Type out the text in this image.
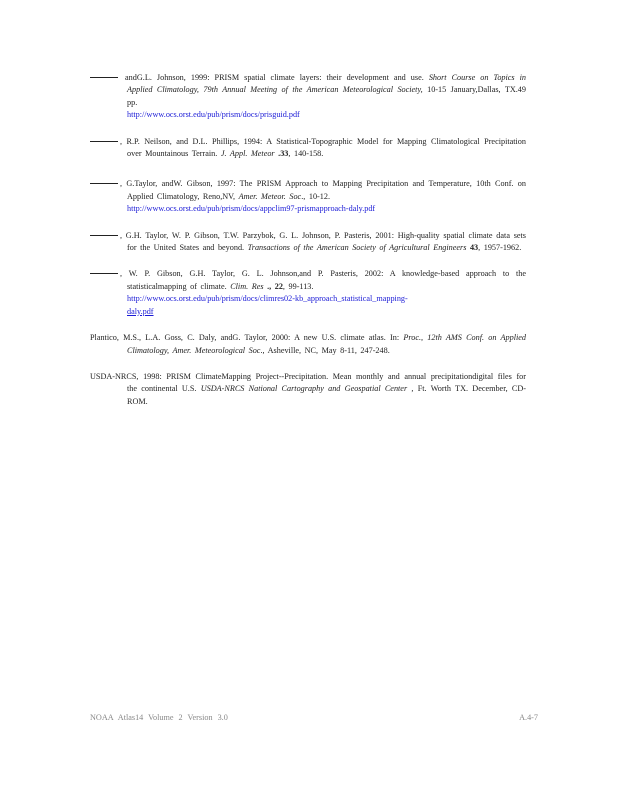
andG.L. Johnson, 1999: PRISM spatial climate layers: their development and use. Short Course on Topics in Applied Climatology, 79th Annual Meeting of the American Meteorological Society, 10-15 January,Dallas, TX.49 pp.
http://www.ocs.orst.edu/pub/prism/docs/prisguid.pdf

, R.P. Neilson, and D.L. Phillips, 1994: A Statistical-Topographic Model for Mapping Climatological Precipitation over Mountainous Terrain. J. Appl. Meteor .33, 140-158.

, G.Taylor, andW. Gibson, 1997: The PRISM Approach to Mapping Precipitation and Temperature, 10th Conf. on Applied Climatology, Reno,NV, Amer. Meteor. Soc., 10-12.
http://www.ocs.orst.edu/pub/prism/docs/appclim97-prismapproach-daly.pdf

, G.H. Taylor, W. P. Gibson, T.W. Parzybok, G. L. Johnson, P. Pasteris, 2001: High-quality spatial climate data sets for the United States and beyond. Transactions of the American Society of Agricultural Engineers 43, 1957-1962.

, W. P. Gibson, G.H. Taylor, G. L. Johnson,and P. Pasteris, 2002: A knowledge-based approach to the statisticalmapping of climate. Clim. Res ., 22, 99-113.
http://www.ocs.orst.edu/pub/prism/docs/climres02-kb_approach_statistical_mapping-
daly.pdf

Plantico, M.S., L.A. Goss, C. Daly, andG. Taylor, 2000: A new U.S. climate atlas. In: Proc., 12th AMS Conf. on Applied Climatology, Amer. Meteorological Soc., Asheville, NC, May 8-11, 247-248.

USDA-NRCS, 1998: PRISM ClimateMapping Project--Precipitation. Mean monthly and annual precipitationdigital files for the continental U.S. USDA-NRCS National Cartography and Geospatial Center , Ft. Worth TX. December, CD-ROM.

NOAA Atlas14 Volume 2 Version 3.0	A.4-7
